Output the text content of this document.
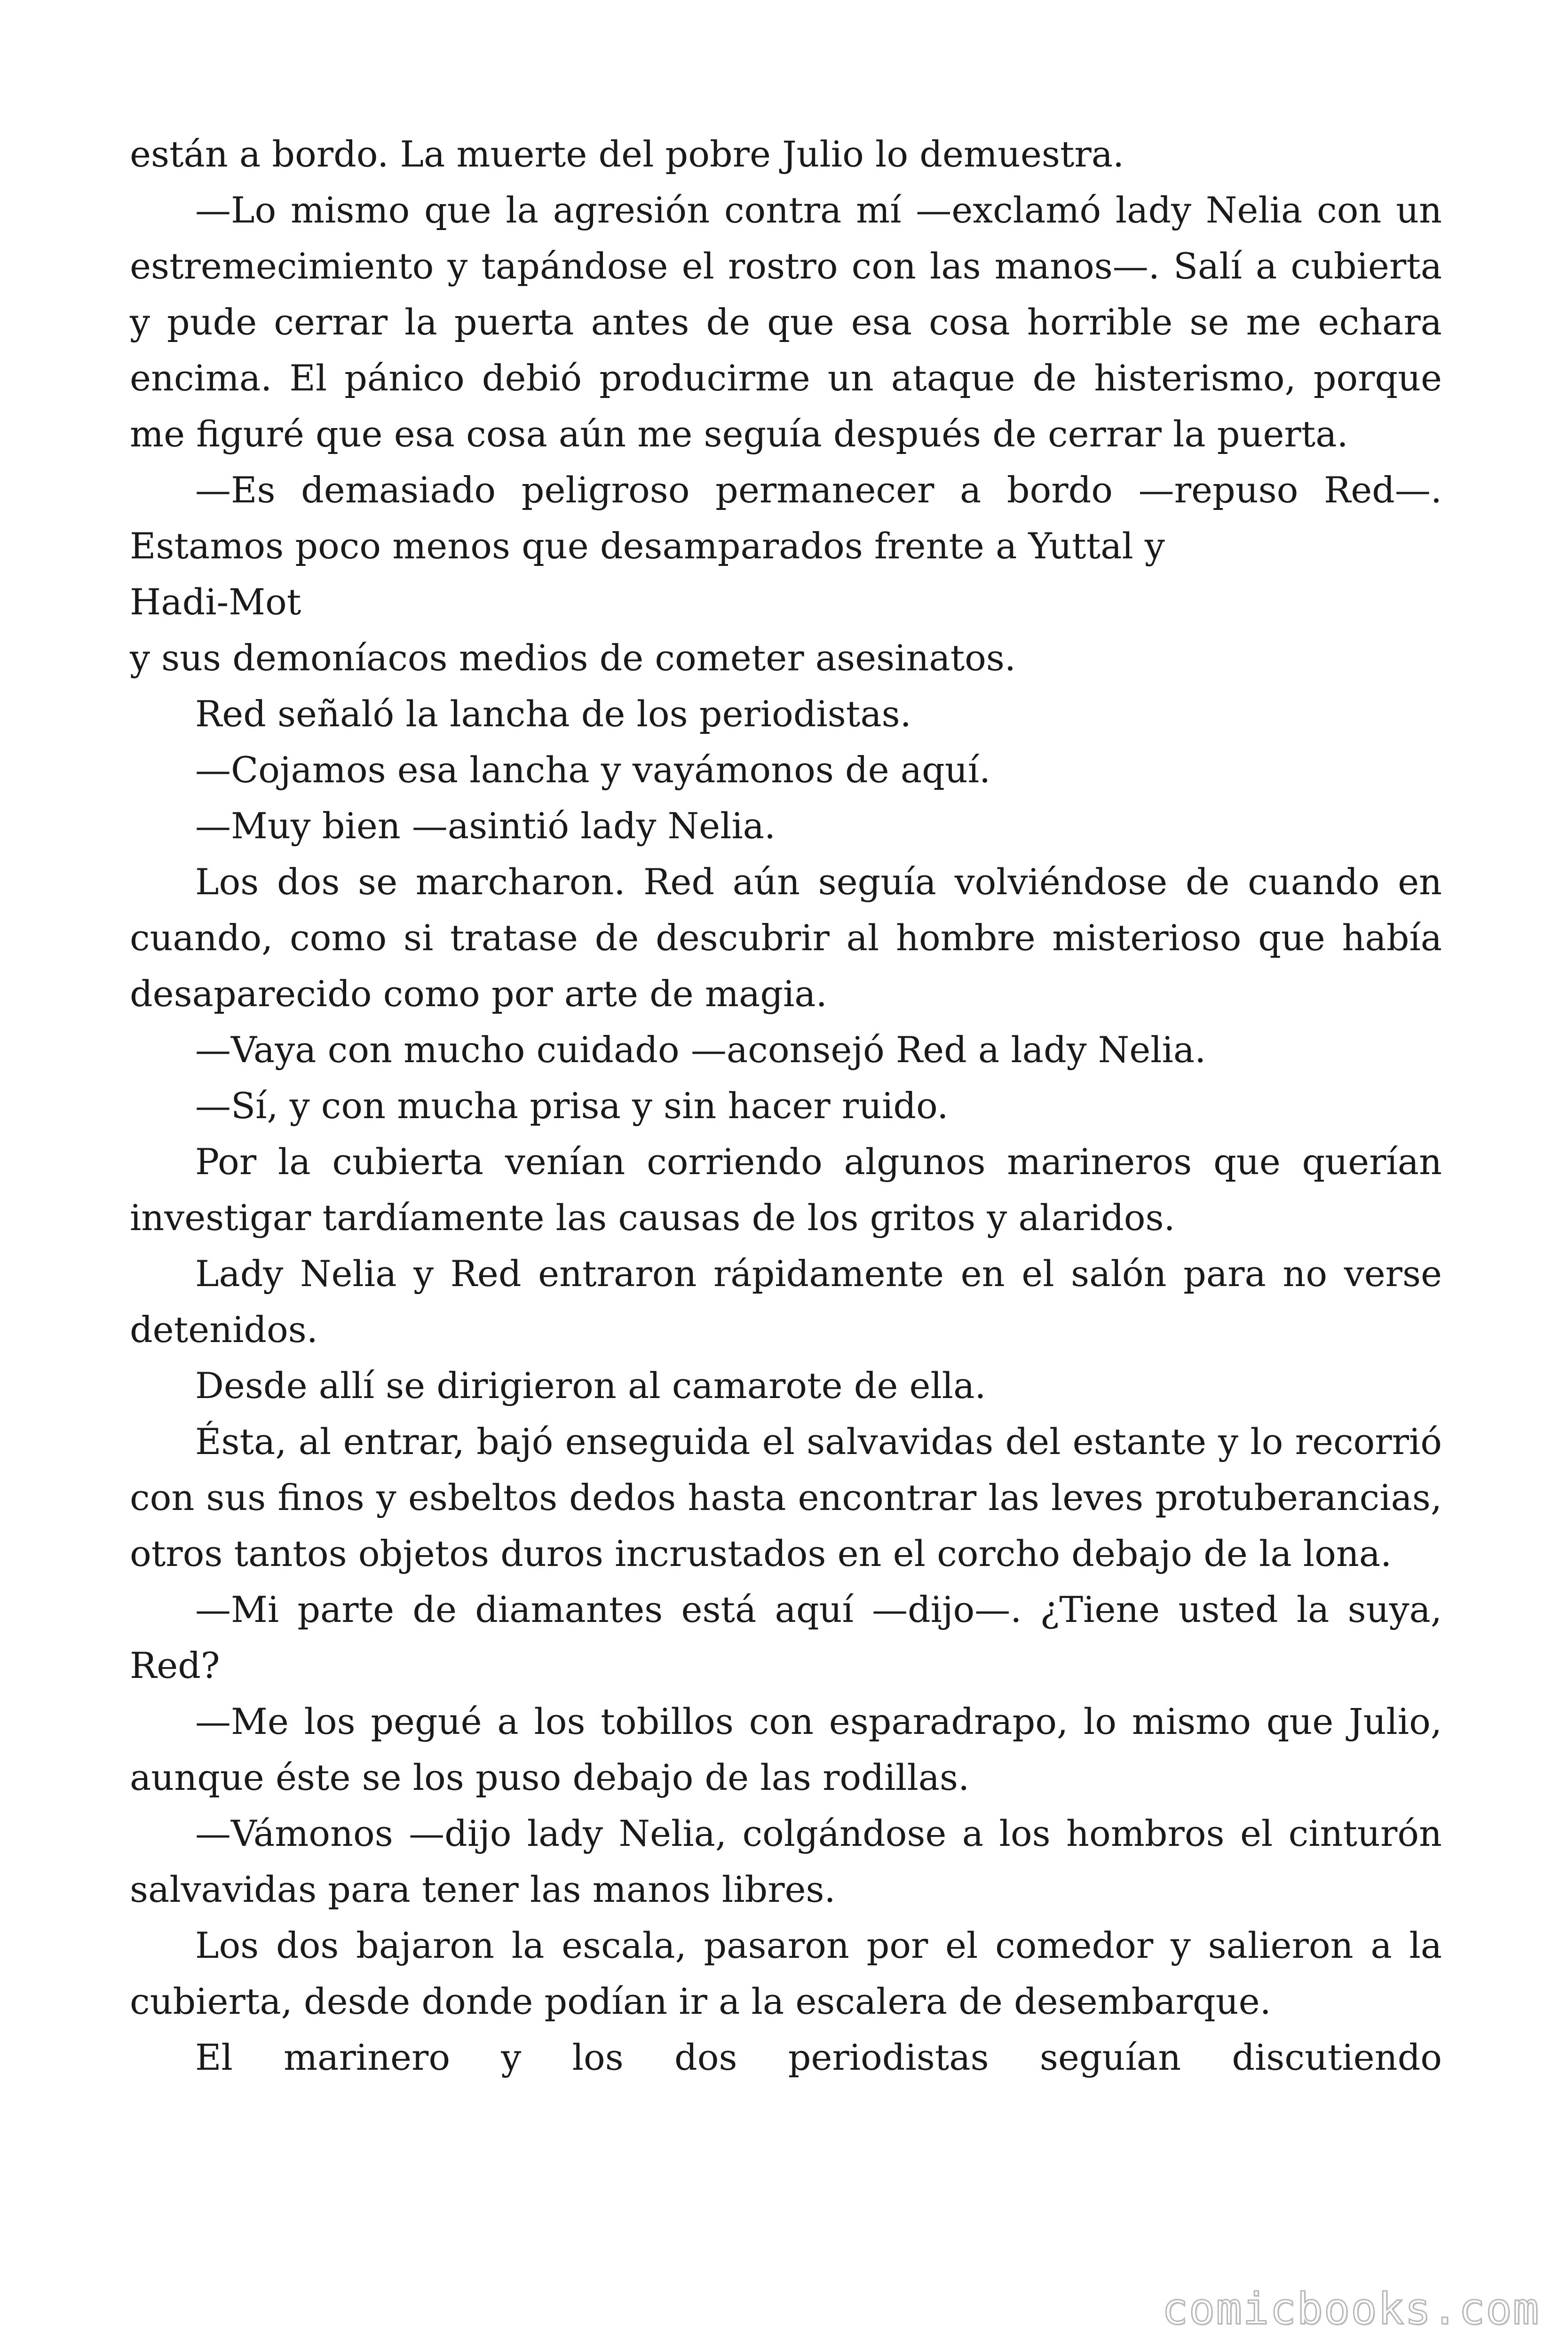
están a bordo. La muerte del pobre Julio lo demuestra.

—Lo mismo que la agresión contra mí —exclamó lady Nelia con un estremecimiento y tapándose el rostro con las manos—. Salí a cubierta y pude cerrar la puerta antes de que esa cosa horrible se me echara encima. El pánico debió producirme un ataque de histerismo, porque me figuré que esa cosa aún me seguía después de cerrar la puerta.

—Es demasiado peligroso permanecer a bordo —repuso Red—. Estamos poco menos que desamparados frente a Yuttal y

Hadi-Mot

y sus demoníacos medios de cometer asesinatos.

Red señaló la lancha de los periodistas.

—Cojamos esa lancha y vayámonos de aquí.

—Muy bien —asintió lady Nelia.

Los dos se marcharon. Red aún seguía volviéndose de cuando en cuando, como si tratase de descubrir al hombre misterioso que había desaparecido como por arte de magia.

—Vaya con mucho cuidado —aconsejó Red a lady Nelia.

—Sí, y con mucha prisa y sin hacer ruido.

Por la cubierta venían corriendo algunos marineros que querían investigar tardíamente las causas de los gritos y alaridos.

Lady Nelia y Red entraron rápidamente en el salón para no verse detenidos.

Desde allí se dirigieron al camarote de ella.

Ésta, al entrar, bajó enseguida el salvavidas del estante y lo recorrió con sus finos y esbeltos dedos hasta encontrar las leves protuberancias, otros tantos objetos duros incrustados en el corcho debajo de la lona.

—Mi parte de diamantes está aquí —dijo—. ¿Tiene usted la suya, Red?

—Me los pegué a los tobillos con esparadrapo, lo mismo que Julio, aunque éste se los puso debajo de las rodillas.

—Vámonos —dijo lady Nelia, colgándose a los hombros el cinturón salvavidas para tener las manos libres.

Los dos bajaron la escala, pasaron por el comedor y salieron a la cubierta, desde donde podían ir a la escalera de desembarque.

El marinero y los dos periodistas seguían discutiendo

comicbooks.com
